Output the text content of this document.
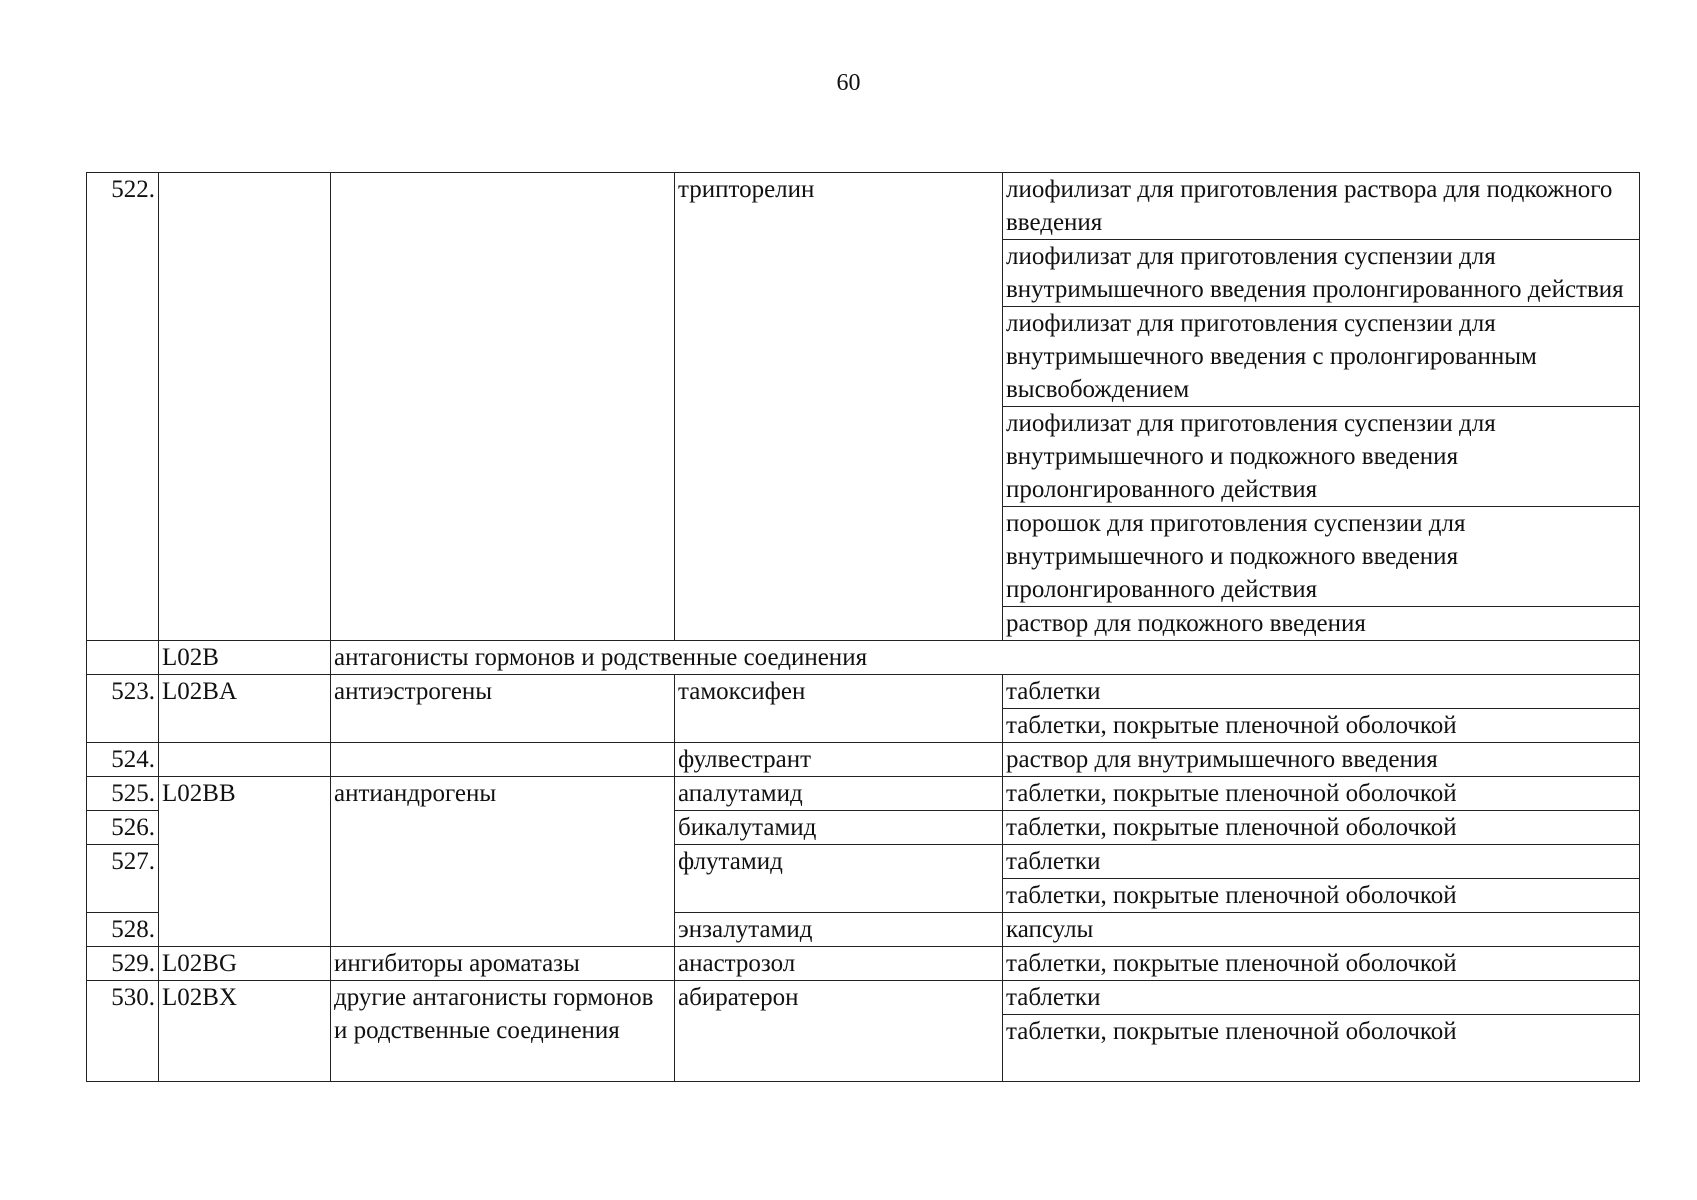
60
522.			трипторелин	лиофилизат для приготовления раствора для подкожного введения
				лиофилизат для приготовления суспензии для внутримышечного введения пролонгированного действия
				лиофилизат для приготовления суспензии для внутримышечного введения с пролонгированным высвобождением
				лиофилизат для приготовления суспензии для внутримышечного и подкожного введения пролонгированного действия
				порошок для приготовления суспензии для внутримышечного и подкожного введения пролонгированного действия
				раствор для подкожного введения
	L02B	антагонисты гормонов и родственные соединения		
523.	L02BA	антиэстрогены	тамоксифен	таблетки
				таблетки, покрытые пленочной оболочкой
524.			фулвестрант	раствор для внутримышечного введения
525.	L02BB	антиандрогены	апалутамид	таблетки, покрытые пленочной оболочкой
526.			бикалутамид	таблетки, покрытые пленочной оболочкой
527.			флутамид	таблетки
				таблетки, покрытые пленочной оболочкой
528.			энзалутамид	капсулы
529.	L02BG	ингибиторы ароматазы	анастрозол	таблетки, покрытые пленочной оболочкой
530.	L02BX	другие антагонисты гормонов и родственные соединения	абиратерон	таблетки
				таблетки, покрытые пленочной оболочкой
